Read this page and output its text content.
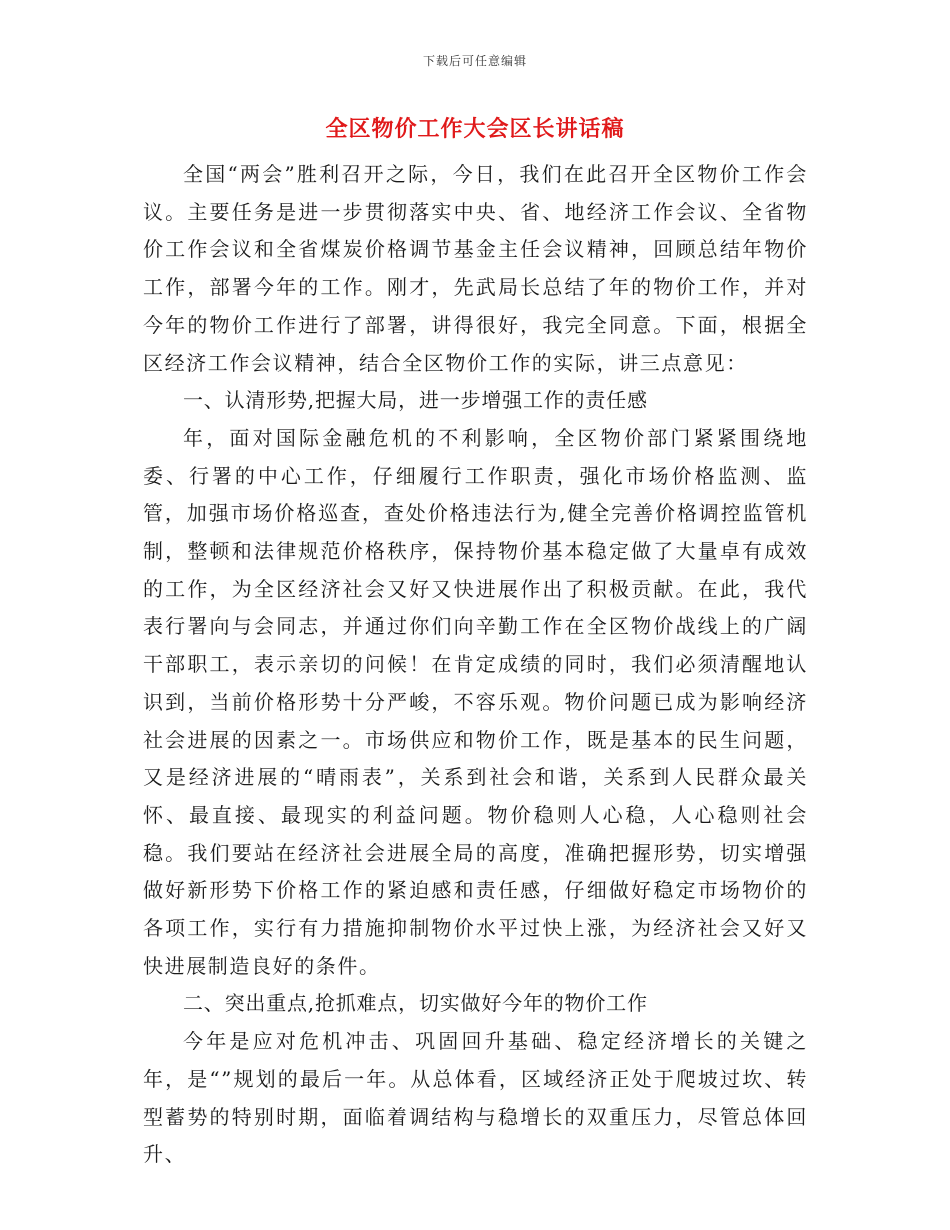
下载后可任意编辑
全区物价工作大会区长讲话稿

全国“两会”胜利召开之际，今日，我们在此召开全区物价工作会议。主要任务是进一步贯彻落实中央、省、地经济工作会议、全省物价工作会议和全省煤炭价格调节基金主任会议精神，回顾总结年物价工作，部署今年的工作。刚才，先武局长总结了年的物价工作，并对今年的物价工作进行了部署，讲得很好，我完全同意。下面，根据全区经济工作会议精神，结合全区物价工作的实际，讲三点意见：

一、认清形势,把握大局，进一步增强工作的责任感

年，面对国际金融危机的不利影响，全区物价部门紧紧围绕地委、行署的中心工作，仔细履行工作职责，强化市场价格监测、监管，加强市场价格巡查，查处价格违法行为,健全完善价格调控监管机制，整顿和法律规范价格秩序，保持物价基本稳定做了大量卓有成效的工作，为全区经济社会又好又快进展作出了积极贡献。在此，我代表行署向与会同志，并通过你们向辛勤工作在全区物价战线上的广阔干部职工，表示亲切的问候！在肯定成绩的同时，我们必须清醒地认识到，当前价格形势十分严峻，不容乐观。物价问题已成为影响经济社会进展的因素之一。市场供应和物价工作，既是基本的民生问题，又是经济进展的“晴雨表”，关系到社会和谐，关系到人民群众最关怀、最直接、最现实的利益问题。物价稳则人心稳，人心稳则社会稳。我们要站在经济社会进展全局的高度，准确把握形势，切实增强做好新形势下价格工作的紧迫感和责任感，仔细做好稳定市场物价的各项工作，实行有力措施抑制物价水平过快上涨，为经济社会又好又快进展制造良好的条件。

二、突出重点,抢抓难点，切实做好今年的物价工作

今年是应对危机冲击、巩固回升基础、稳定经济增长的关键之年，是“”规划的最后一年。从总体看，区域经济正处于爬坡过坎、转型蓄势的特别时期，面临着调结构与稳增长的双重压力，尽管总体回升、
